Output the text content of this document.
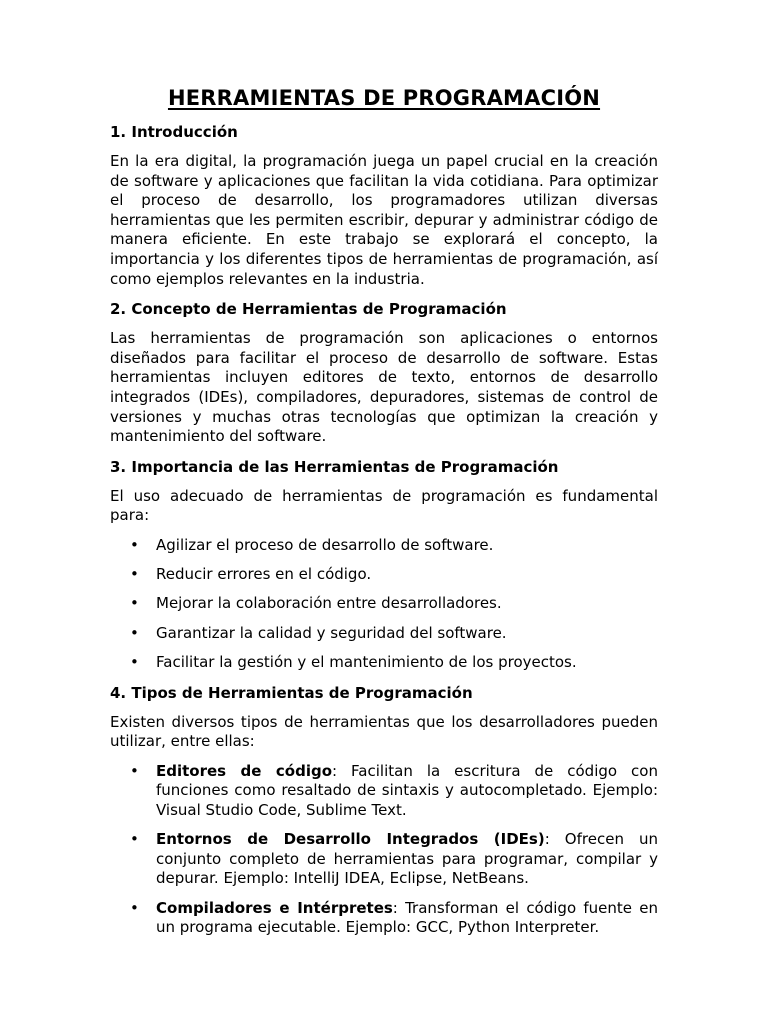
HERRAMIENTAS DE PROGRAMACIÓN
1. Introducción

En la era digital, la programación juega un papel crucial en la creación de software y aplicaciones que facilitan la vida cotidiana. Para optimizar el proceso de desarrollo, los programadores utilizan diversas herramientas que les permiten escribir, depurar y administrar código de manera eficiente. En este trabajo se explorará el concepto, la importancia y los diferentes tipos de herramientas de programación, así como ejemplos relevantes en la industria.

2. Concepto de Herramientas de Programación

Las herramientas de programación son aplicaciones o entornos diseñados para facilitar el proceso de desarrollo de software. Estas herramientas incluyen editores de texto, entornos de desarrollo integrados (IDEs), compiladores, depuradores, sistemas de control de versiones y muchas otras tecnologías que optimizan la creación y mantenimiento del software.

3. Importancia de las Herramientas de Programación

El uso adecuado de herramientas de programación es fundamental para:

• Agilizar el proceso de desarrollo de software.
• Reducir errores en el código.
• Mejorar la colaboración entre desarrolladores.
• Garantizar la calidad y seguridad del software.
• Facilitar la gestión y el mantenimiento de los proyectos.
4. Tipos de Herramientas de Programación

Existen diversos tipos de herramientas que los desarrolladores pueden utilizar, entre ellas:

• Editores de código: Facilitan la escritura de código con funciones como resaltado de sintaxis y autocompletado. Ejemplo: Visual Studio Code, Sublime Text.
• Entornos de Desarrollo Integrados (IDEs): Ofrecen un conjunto completo de herramientas para programar, compilar y depurar. Ejemplo: IntelliJ IDEA, Eclipse, NetBeans.
• Compiladores e Intérpretes: Transforman el código fuente en un programa ejecutable. Ejemplo: GCC, Python Interpreter.
